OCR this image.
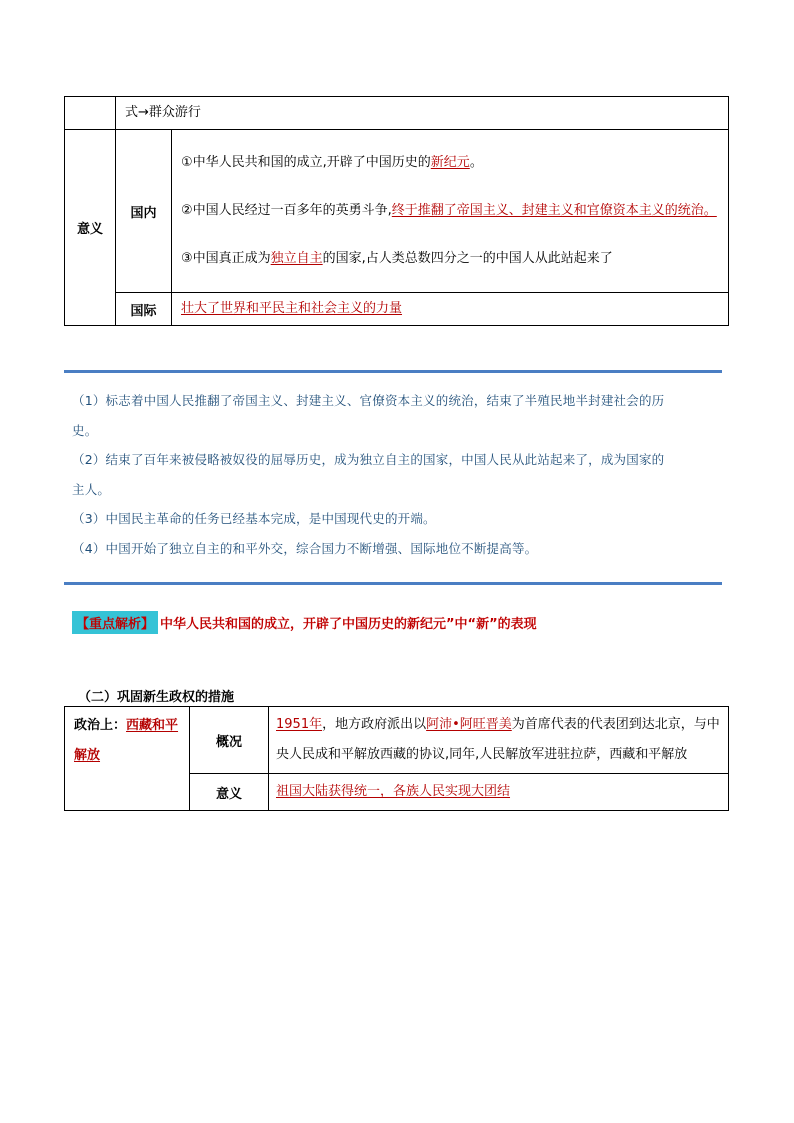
	式→群众游行	
意义	国内	①中华人民共和国的成立,开辟了中国历史的新纪元。

②中国人民经过一百多年的英勇斗争,终于推翻了帝国主义、封建主义和官僚资本主义的统治。

③中国真正成为独立自主的国家,占人类总数四分之一的中国人从此站起来了

	国际	壮大了世界和平民主和社会主义的力量

（1）标志着中国人民推翻了帝国主义、封建主义、官僚资本主义的统治，结束了半殖民地半封建社会的历

史。

（2）结束了百年来被侵略被奴役的屈辱历史，成为独立自主的国家，中国人民从此站起来了，成为国家的

主人。

（3）中国民主革命的任务已经基本完成，是中国现代史的开端。

（4）中国开始了独立自主的和平外交，综合国力不断增强、国际地位不断提高等。

【重点解析】 中华人民共和国的成立，开辟了中国历史的新纪元”中“新”的表现
（二）巩固新生政权的措施
政治上：西藏和平解放	概况	1951年，地方政府派出以阿沛•阿旺晋美为首席代表的代表团到达北京，与中央人民成和平解放西藏的协议,同年,人民解放军进驻拉萨，西藏和平解放
	意义	祖国大陆获得统一，各族人民实现大团结
